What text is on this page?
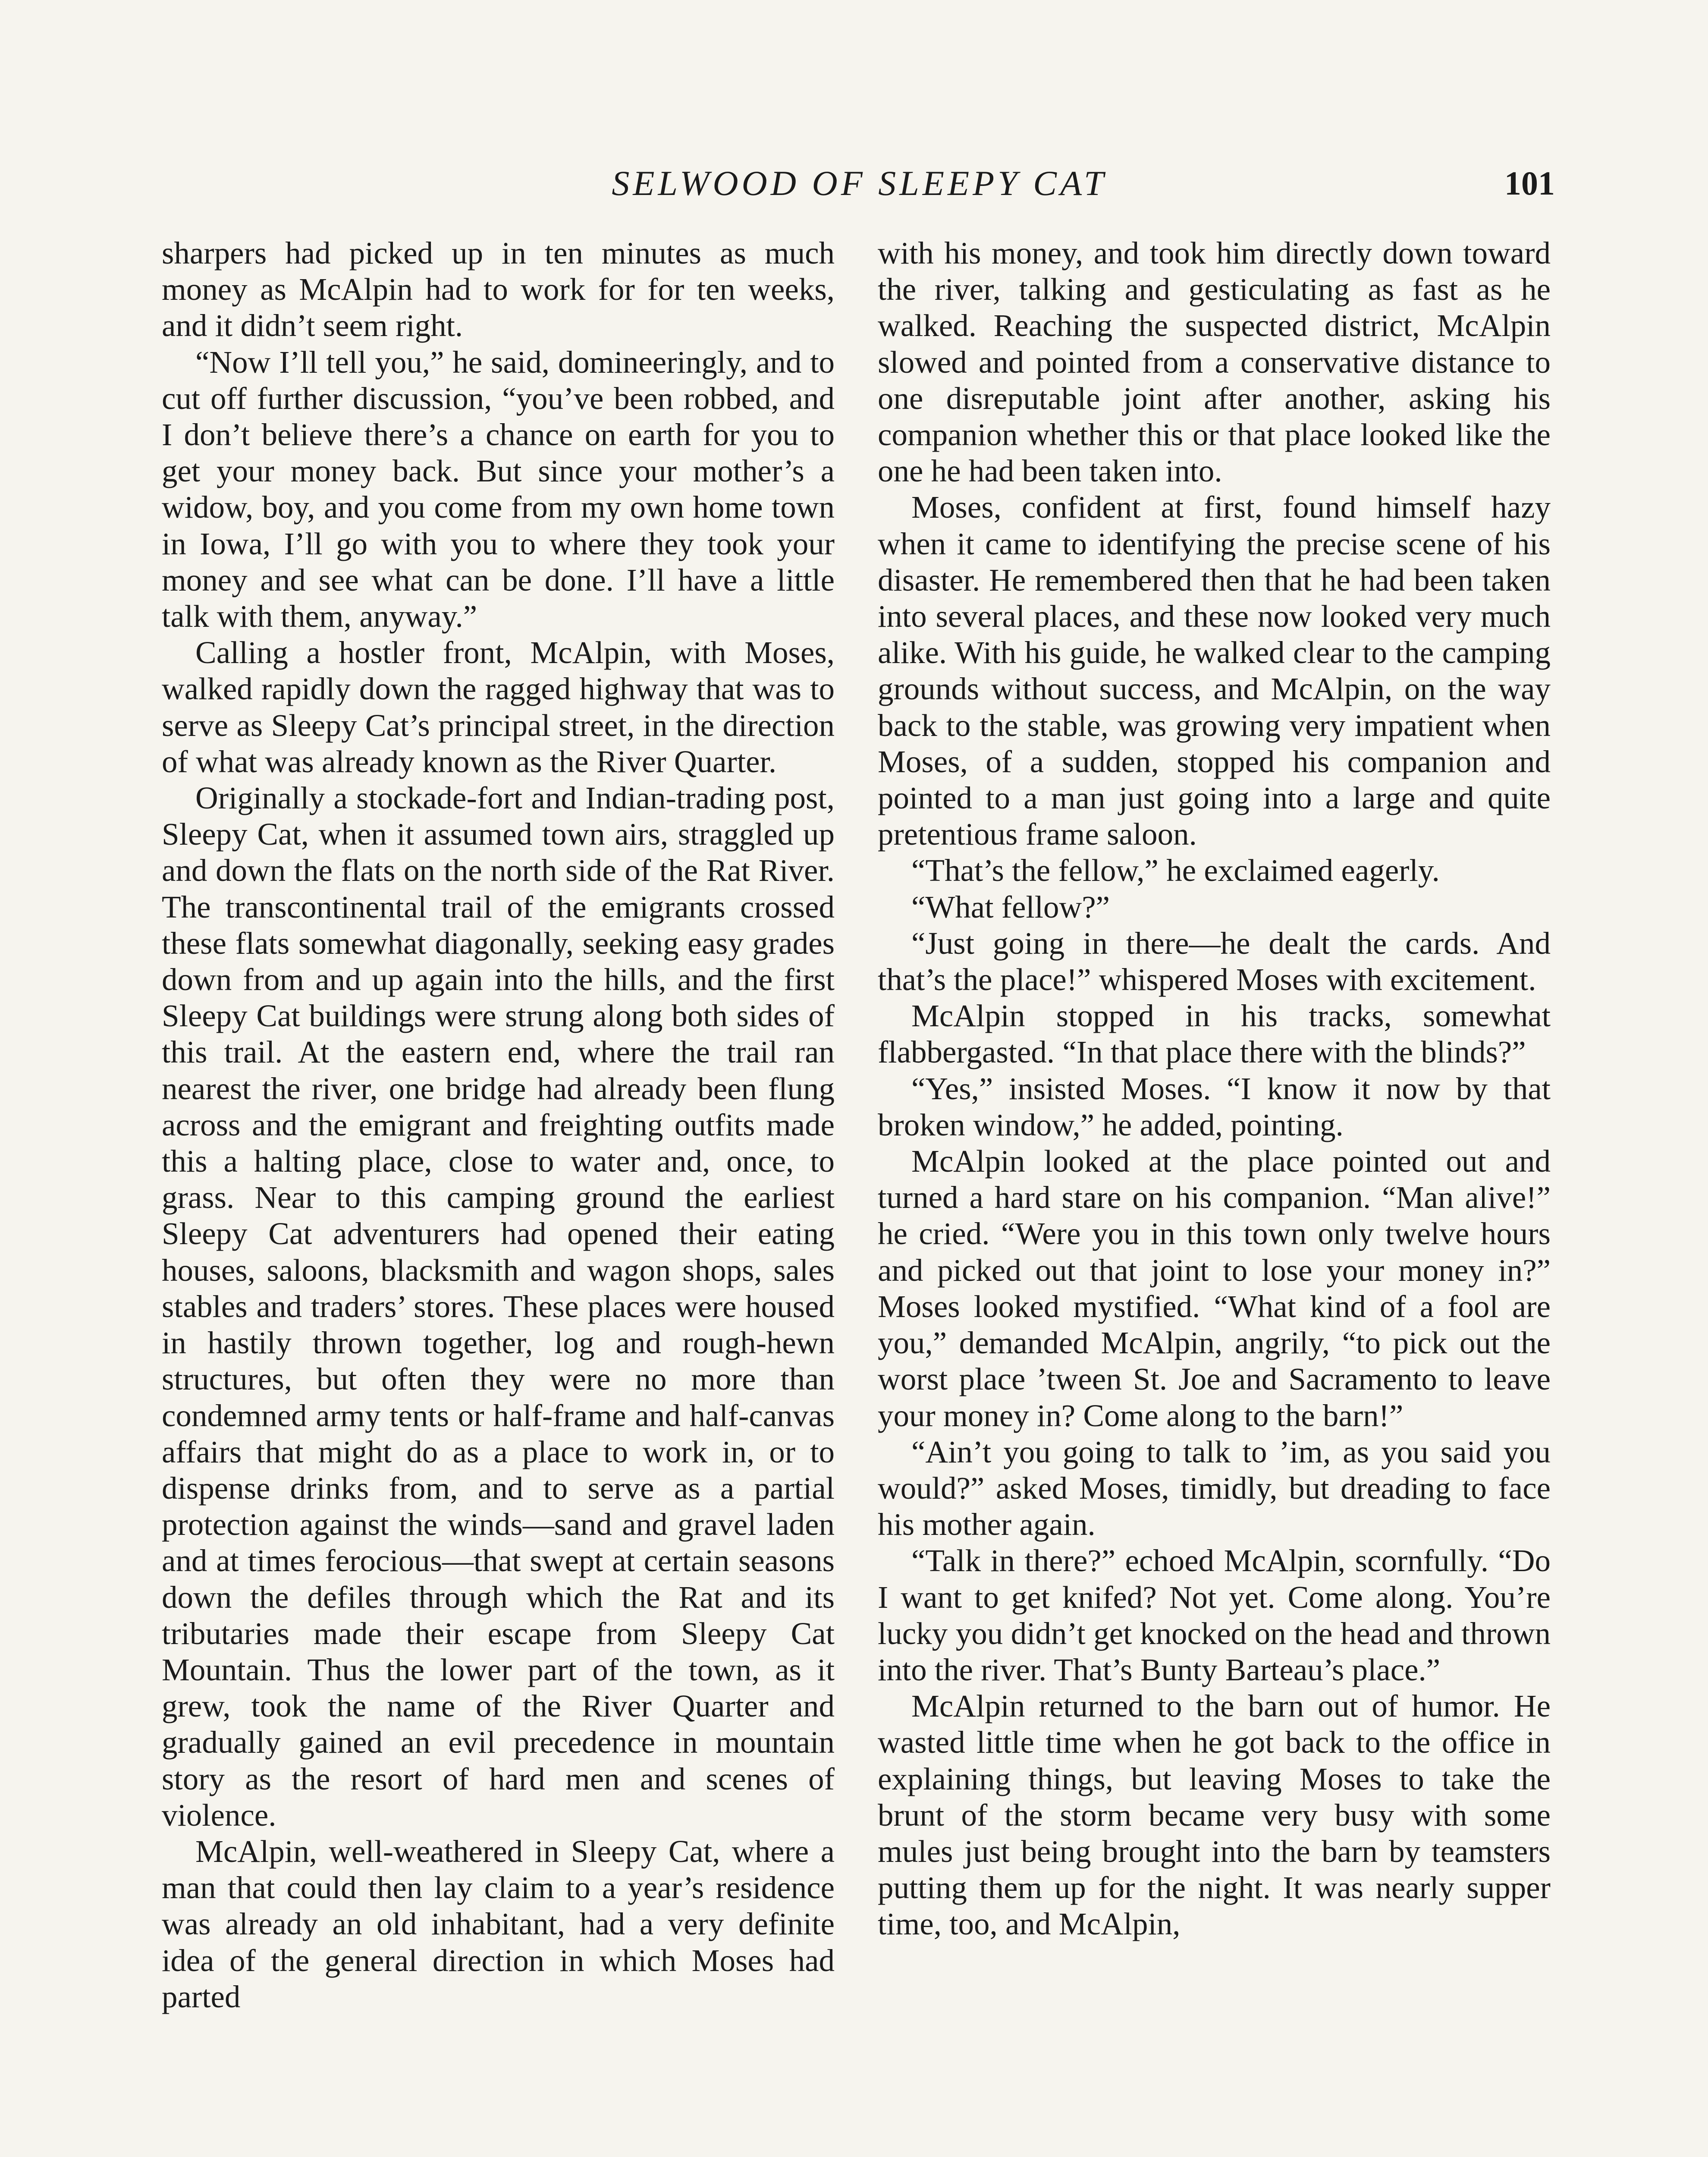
SELWOOD OF SLEEPY CAT	101

sharpers had picked up in ten minutes as much money as McAlpin had to work for for ten weeks, and it didn’t seem right.

“Now I’ll tell you,” he said, domineeringly, and to cut off further discussion, “you’ve been robbed, and I don’t believe there’s a chance on earth for you to get your money back. But since your mother’s a widow, boy, and you come from my own home town in Iowa, I’ll go with you to where they took your money and see what can be done. I’ll have a little talk with them, anyway.”

Calling a hostler front, McAlpin, with Moses, walked rapidly down the ragged highway that was to serve as Sleepy Cat’s principal street, in the direction of what was already known as the River Quarter.

Originally a stockade-fort and Indian-trading post, Sleepy Cat, when it assumed town airs, straggled up and down the flats on the north side of the Rat River. The transcontinental trail of the emigrants crossed these flats somewhat diagonally, seeking easy grades down from and up again into the hills, and the first Sleepy Cat buildings were strung along both sides of this trail. At the eastern end, where the trail ran nearest the river, one bridge had already been flung across and the emigrant and freighting outfits made this a halting place, close to water and, once, to grass. Near to this camping ground the earliest Sleepy Cat adventurers had opened their eating houses, saloons, blacksmith and wagon shops, sales stables and traders’ stores. These places were housed in hastily thrown together, log and rough-hewn structures, but often they were no more than condemned army tents or half-frame and half-canvas affairs that might do as a place to work in, or to dispense drinks from, and to serve as a partial protection against the winds—sand and gravel laden and at times ferocious—that swept at certain seasons down the defiles through which the Rat and its tributaries made their escape from Sleepy Cat Mountain. Thus the lower part of the town, as it grew, took the name of the River Quarter and gradually gained an evil precedence in mountain story as the resort of hard men and scenes of violence.

McAlpin, well-weathered in Sleepy Cat, where a man that could then lay claim to a year’s residence was already an old inhabitant, had a very definite idea of the general direction in which Moses had parted

with his money, and took him directly down toward the river, talking and gesticulating as fast as he walked. Reaching the suspected district, McAlpin slowed and pointed from a conservative distance to one disreputable joint after another, asking his companion whether this or that place looked like the one he had been taken into.

Moses, confident at first, found himself hazy when it came to identifying the precise scene of his disaster. He remembered then that he had been taken into several places, and these now looked very much alike. With his guide, he walked clear to the camping grounds without success, and McAlpin, on the way back to the stable, was growing very impatient when Moses, of a sudden, stopped his companion and pointed to a man just going into a large and quite pretentious frame saloon.

“That’s the fellow,” he exclaimed eagerly.

“What fellow?”

“Just going in there—he dealt the cards. And that’s the place!” whispered Moses with excitement.

McAlpin stopped in his tracks, somewhat flabbergasted. “In that place there with the blinds?”

“Yes,” insisted Moses. “I know it now by that broken window,” he added, pointing.

McAlpin looked at the place pointed out and turned a hard stare on his companion. “Man alive!” he cried. “Were you in this town only twelve hours and picked out that joint to lose your money in?” Moses looked mystified. “What kind of a fool are you,” demanded McAlpin, angrily, “to pick out the worst place ’tween St. Joe and Sacramento to leave your money in? Come along to the barn!”

“Ain’t you going to talk to ’im, as you said you would?” asked Moses, timidly, but dreading to face his mother again.

“Talk in there?” echoed McAlpin, scornfully. “Do I want to get knifed? Not yet. Come along. You’re lucky you didn’t get knocked on the head and thrown into the river. That’s Bunty Barteau’s place.”

McAlpin returned to the barn out of humor. He wasted little time when he got back to the office in explaining things, but leaving Moses to take the brunt of the storm became very busy with some mules just being brought into the barn by teamsters putting them up for the night. It was nearly supper time, too, and McAlpin,
